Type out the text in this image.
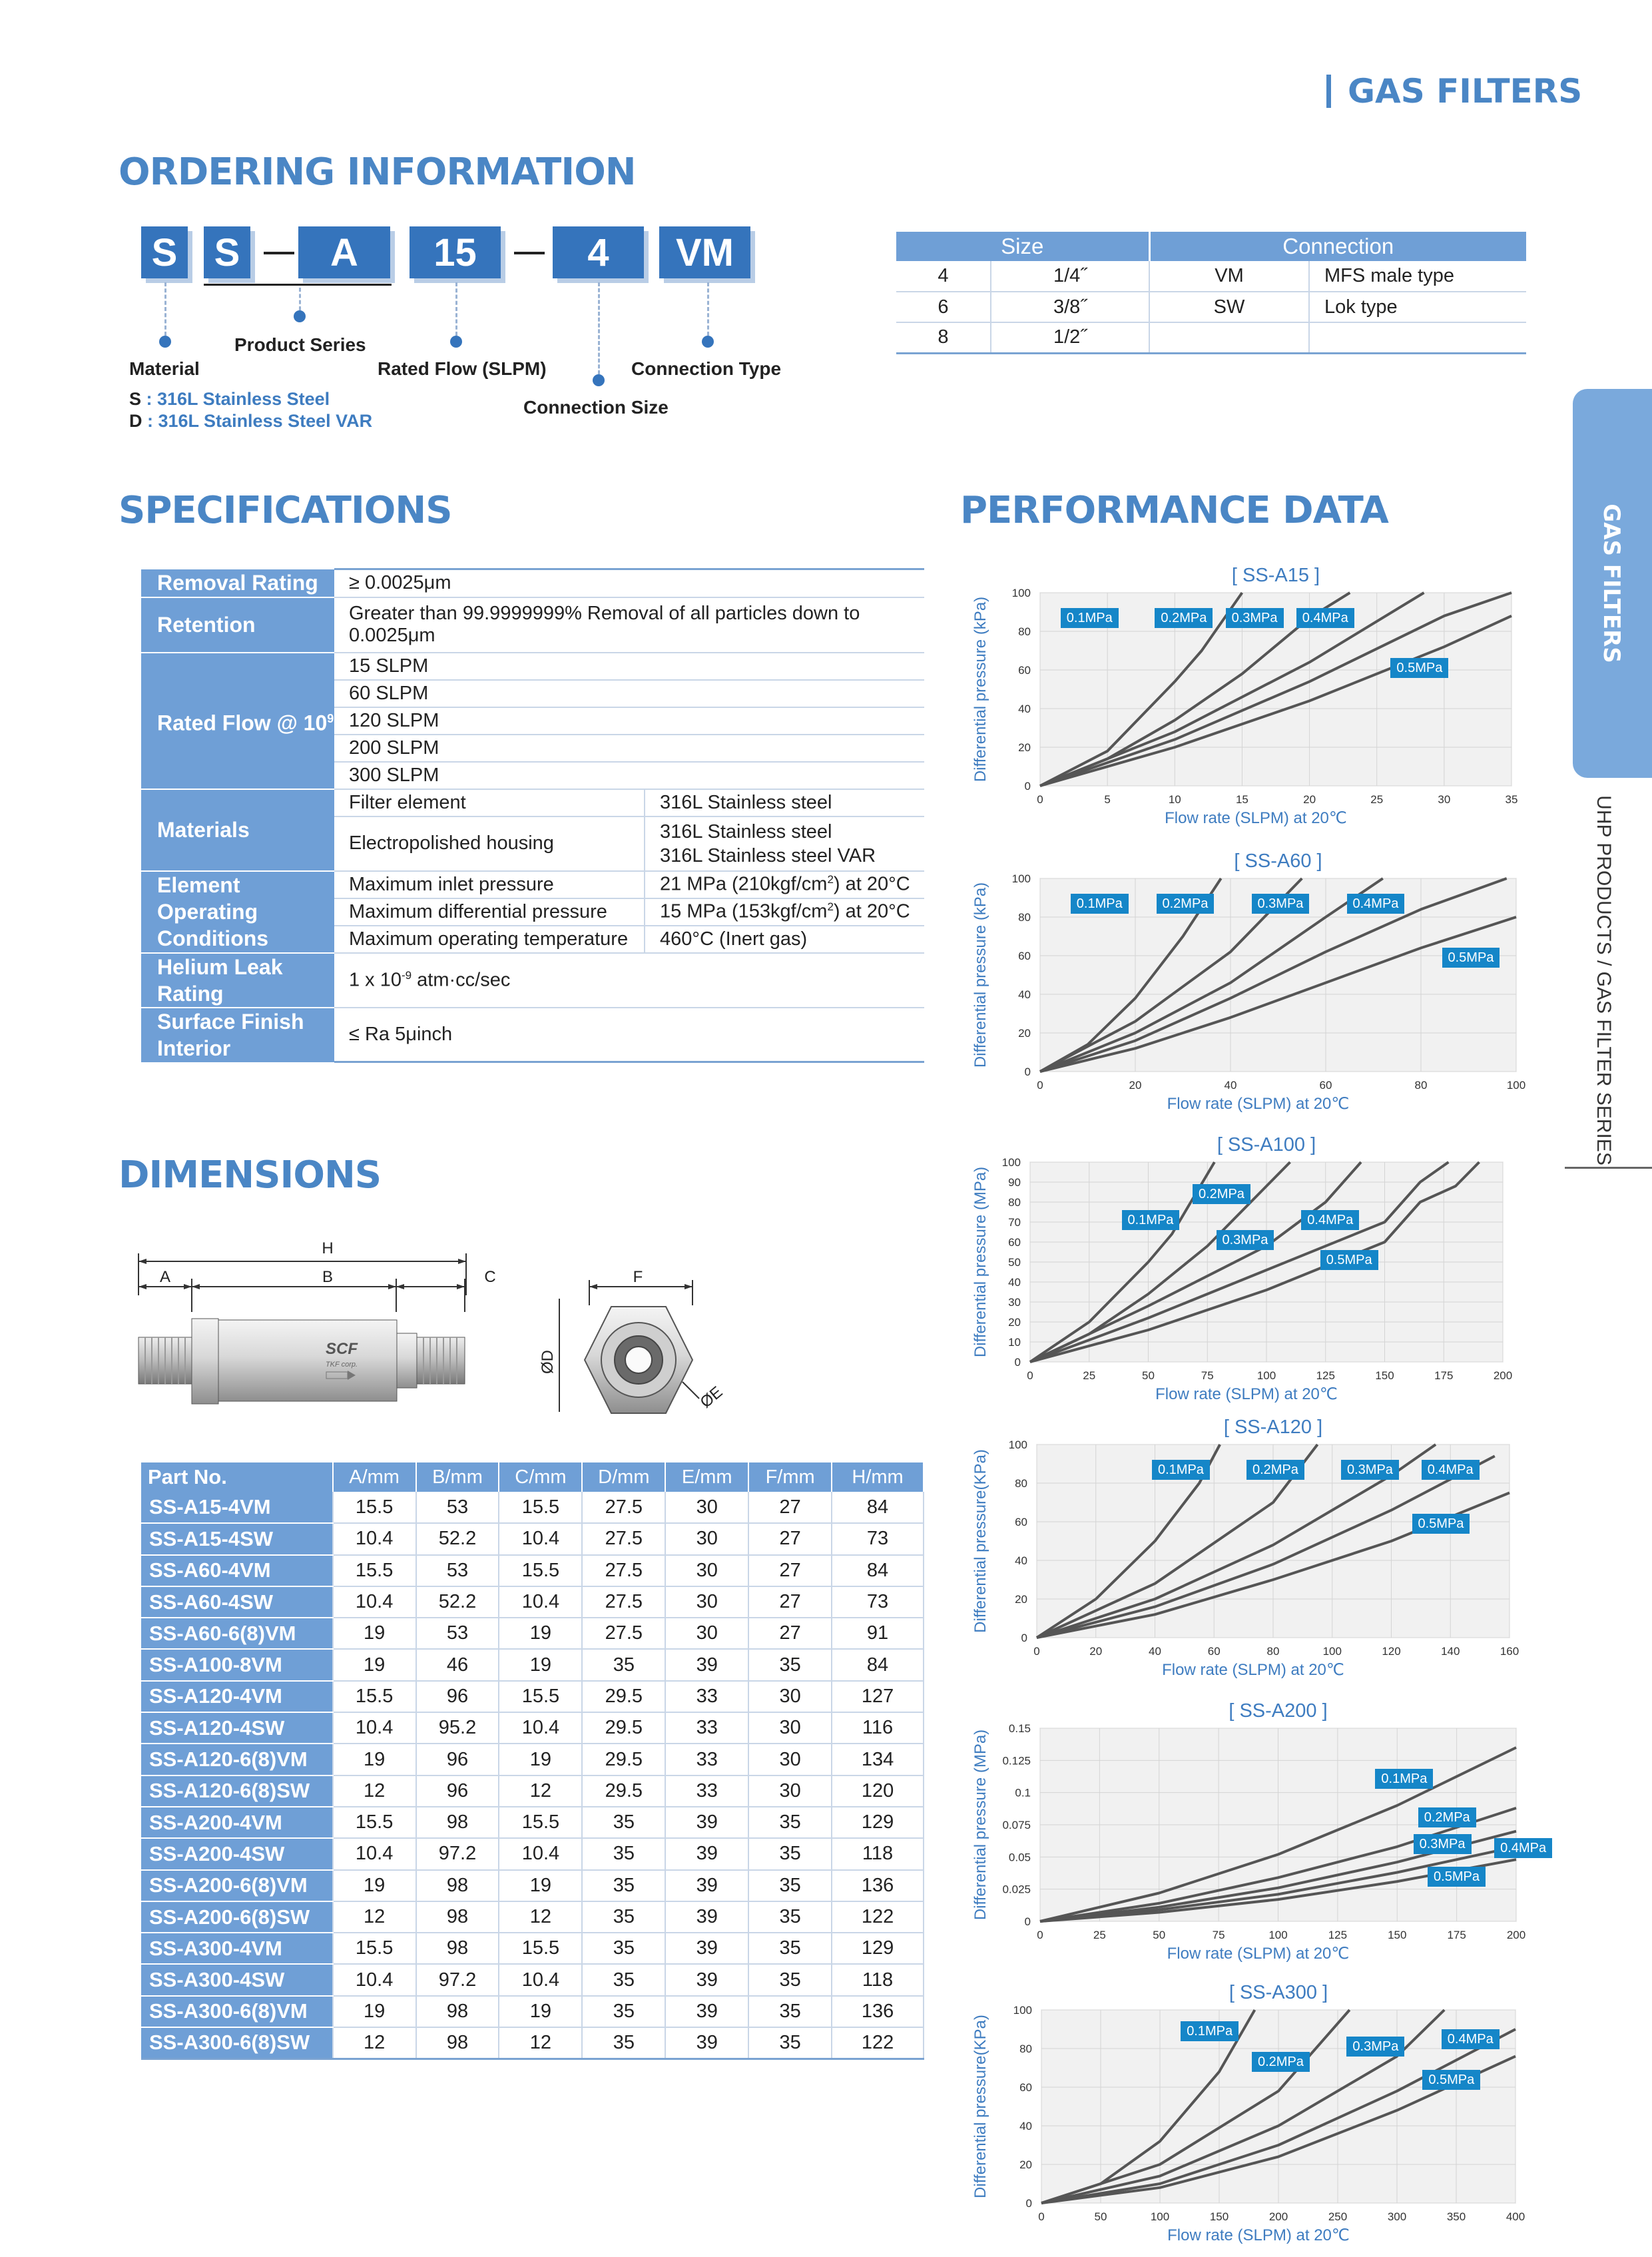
GAS FILTERS
GAS FILTERS
UHP PRODUCTS / GAS FILTER SERIES
ORDERING INFORMATION
S S	A	15	4	VM
Product Series
Material	Rated Flow (SLPM)	Connection Type
Connection Size
S : 316L Stainless Steel
D : 316L Stainless Steel VAR
Size		Connection	
4	1/4˝	VM	MFS male type
6	3/8˝	SW	Lok type
8	1/2˝		
SPECIFICATIONS
Removal Rating	≥ 0.0025μm	
Retention	Greater than 99.9999999% Removal of all particles down to 0.0025μm	
Rated Flow @ $10^9$	15 SLPM	
	60 SLPM	
	120 SLPM	
	200 SLPM	
	300 SLPM	
Materials	Filter element	316L Stainless steel
	Electropolished housing	316L Stainless steel
316L Stainless steel VAR

Element Operating Conditions	Maximum inlet pressure	21 MPa $(210kgf/cm^2)$ at 20°C
	Maximum differential pressure	15 MPa $(153kgf/cm^2)$ at 20°C
	Maximum operating temperature	460°C (Inert gas)
Helium Leak Rating	1 x $10^{-9}$ atm·cc/sec	
Surface Finish Interior	≤ Ra 5μinch	
DIMENSIONS
H
A	B	C	F
ØD
ØE
SCF
TKF corp.
Part No.	A/mm	B/mm	C/mm	D/mm	E/mm	F/mm	H/mm
SS-A15-4VM	15.5	53	15.5	27.5	30	27	84
SS-A15-4SW	10.4	52.2	10.4	27.5	30	27	73
SS-A60-4VM	15.5	53	15.5	27.5	30	27	84
SS-A60-4SW	10.4	52.2	10.4	27.5	30	27	73
SS-A60-6(8)VM	19	53	19	27.5	30	27	91
SS-A100-8VM	19	46	19	35	39	35	84
SS-A120-4VM	15.5	96	15.5	29.5	33	30	127
SS-A120-4SW	10.4	95.2	10.4	29.5	33	30	116
SS-A120-6(8)VM	19	96	19	29.5	33	30	134
SS-A120-6(8)SW	12	96	12	29.5	33	30	120
SS-A200-4VM	15.5	98	15.5	35	39	35	129
SS-A200-4SW	10.4	97.2	10.4	35	39	35	118
SS-A200-6(8)VM	19	98	19	35	39	35	136
SS-A200-6(8)SW	12	98	12	35	39	35	122
SS-A300-4VM	15.5	98	15.5	35	39	35	129
SS-A300-4SW	10.4	97.2	10.4	35	39	35	118
SS-A300-6(8)VM	19	98	19	35	39	35	136
SS-A300-6(8)SW	12	98	12	35	39	35	122
PERFORMANCE DATA
[ SS-A15 ]
0	5	10	15	20	25	30	35
0
20
40
60
80
100
Flow rate (SLPM) at 20℃
Differential pressure (kPa)	0.1MPa	0.2MPa	0.3MPa	0.4MPa
0.5MPa
[ SS-A60 ]
0	20	40	60	80	100
0
20
40
60
80
100
Flow rate (SLPM) at 20℃
Differential pressure (kPa)	0.1MPa	0.2MPa	0.3MPa	0.4MPa
0.5MPa
[ SS-A100 ]
0	25	50	75	100	125	150	175	200
0
10
20
30
40
50
60
70
80
90
100
Flow rate (SLPM) at 20℃
Differential pressure (MPa)	0.1MPa
0.2MPa
0.3MPa
0.4MPa
0.5MPa
[ SS-A120 ]
0	20	40	60	80	100	120	140	160
0
20
40
60
80
100
Flow rate (SLPM) at 20℃
Differential pressure(KPa)	0.1MPa	0.2MPa	0.3MPa	0.4MPa
0.5MPa
[ SS-A200 ]
0	25	50	75	100	125	150	175	200
0
0.025
0.05
0.075
0.1
0.125
0.15
Flow rate (SLPM) at 20℃
Differential pressure (MPa)	0.1MPa
0.2MPa
0.3MPa	0.4MPa
0.5MPa
[ SS-A300 ]
0	50	100	150	200	250	300	350	400
0
20
40
60
80
100
Flow rate (SLPM) at 20℃
Differential pressure(KPa)	0.1MPa
0.2MPa
0.3MPa
0.4MPa
0.5MPa
